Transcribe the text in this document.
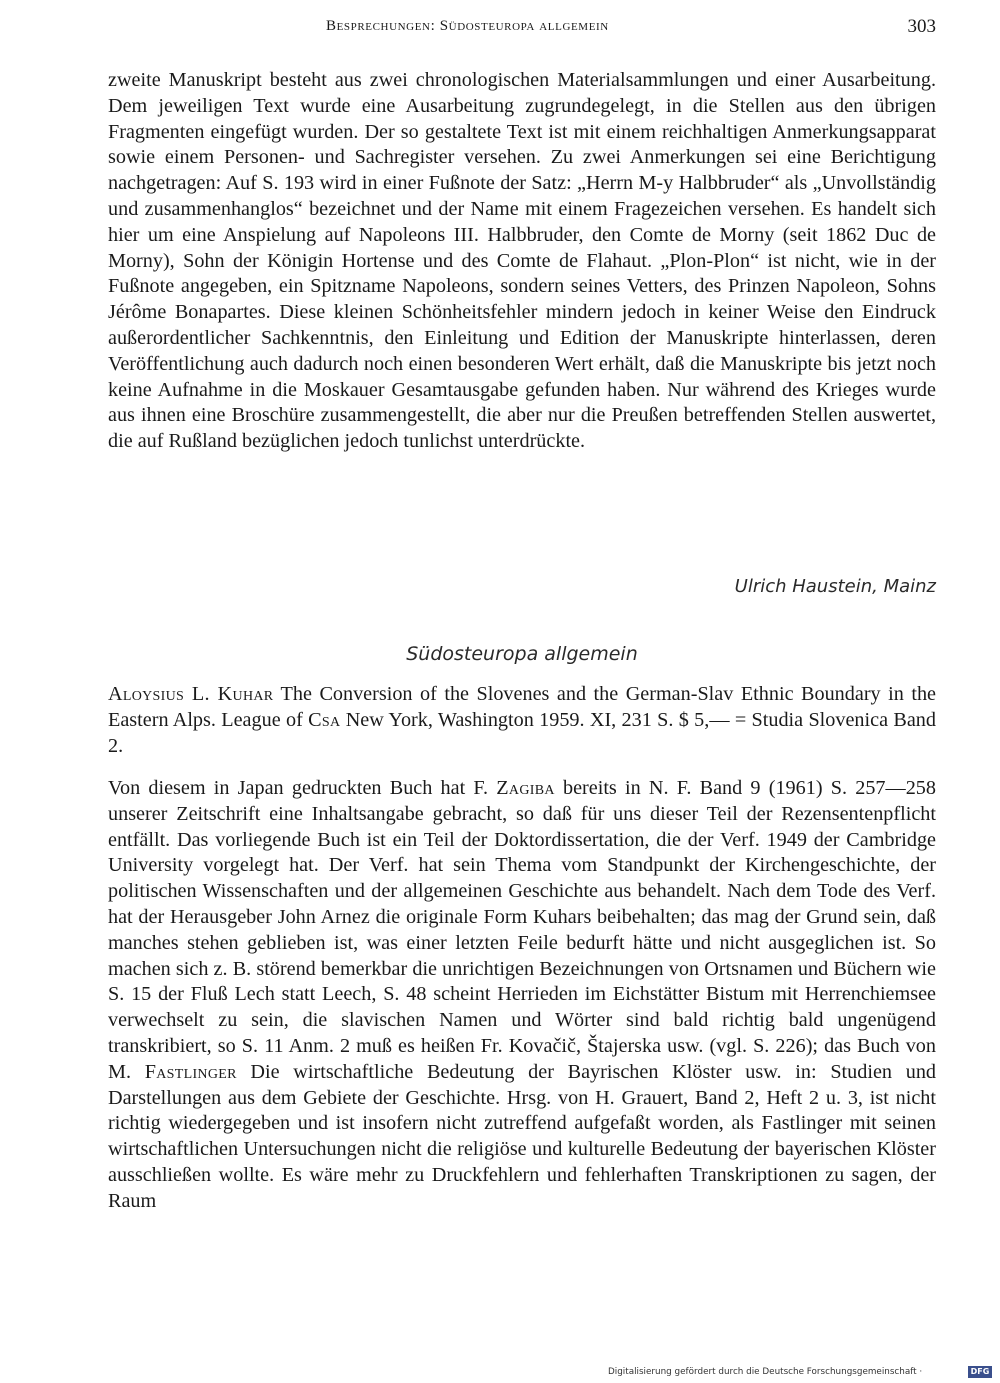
Besprechungen: Südosteuropa allgemein	303

zweite Manuskript besteht aus zwei chronologischen Materialsammlungen und einer Ausarbeitung. Dem jeweiligen Text wurde eine Ausarbeitung zugrundegelegt, in die Stellen aus den übrigen Fragmenten eingefügt wurden. Der so gestaltete Text ist mit einem reichhaltigen Anmerkungsapparat sowie einem Personen- und Sachregister versehen. Zu zwei Anmerkungen sei eine Berichtigung nachgetragen: Auf S. 193 wird in einer Fußnote der Satz: „Herrn M-y Halbbruder“ als „Unvollständig und zusammenhanglos“ bezeichnet und der Name mit einem Fragezeichen versehen. Es handelt sich hier um eine Anspielung auf Napoleons III. Halbbruder, den Comte de Morny (seit 1862 Duc de Morny), Sohn der Königin Hortense und des Comte de Flahaut. „Plon-Plon“ ist nicht, wie in der Fußnote angegeben, ein Spitzname Napoleons, sondern seines Vetters, des Prinzen Napoleon, Sohns Jérôme Bonapartes. Diese kleinen Schönheitsfehler mindern jedoch in keiner Weise den Eindruck außerordentlicher Sachkenntnis, den Einleitung und Edition der Manuskripte hinterlassen, deren Veröffentlichung auch dadurch noch einen besonderen Wert erhält, daß die Manuskripte bis jetzt noch keine Aufnahme in die Moskauer Gesamtausgabe gefunden haben. Nur während des Krieges wurde aus ihnen eine Broschüre zusammengestellt, die aber nur die Preußen betreffenden Stellen auswertet, die auf Rußland bezüglichen jedoch tunlichst unterdrückte.

Ulrich Haustein, Mainz
Südosteuropa allgemein

Aloysius L. Kuhar The Conversion of the Slovenes and the German-Slav Ethnic Boundary in the Eastern Alps. League of Csa New York, Washington 1959. XI, 231 S. $ 5,— = Studia Slovenica Band 2.

Von diesem in Japan gedruckten Buch hat F. Zagiba bereits in N. F. Band 9 (1961) S. 257—258 unserer Zeitschrift eine Inhaltsangabe gebracht, so daß für uns dieser Teil der Rezensentenpflicht entfällt. Das vorliegende Buch ist ein Teil der Doktordissertation, die der Verf. 1949 der Cambridge University vorgelegt hat. Der Verf. hat sein Thema vom Standpunkt der Kirchengeschichte, der politischen Wissenschaften und der allgemeinen Geschichte aus behandelt. Nach dem Tode des Verf. hat der Herausgeber John Arnez die originale Form Kuhars beibehalten; das mag der Grund sein, daß manches stehen geblieben ist, was einer letzten Feile bedurft hätte und nicht ausgeglichen ist. So machen sich z. B. störend bemerkbar die unrichtigen Bezeichnungen von Ortsnamen und Büchern wie S. 15 der Fluß Lech statt Leech, S. 48 scheint Herrieden im Eichstätter Bistum mit Herrenchiemsee verwechselt zu sein, die slavischen Namen und Wörter sind bald richtig bald ungenügend transkribiert, so S. 11 Anm. 2 muß es heißen Fr. Kovačič, Štajerska usw. (vgl. S. 226); das Buch von M. Fastlinger Die wirtschaftliche Bedeutung der Bayrischen Klöster usw. in: Studien und Darstellungen aus dem Gebiete der Geschichte. Hrsg. von H. Grauert, Band 2, Heft 2 u. 3, ist nicht richtig wiedergegeben und ist insofern nicht zutreffend aufgefaßt worden, als Fastlinger mit seinen wirtschaftlichen Untersuchungen nicht die religiöse und kulturelle Bedeutung der bayerischen Klöster ausschließen wollte. Es wäre mehr zu Druckfehlern und fehlerhaften Transkriptionen zu sagen, der Raum

Digitalisierung gefördert durch die Deutsche Forschungsgemeinschaft ·	DFG
